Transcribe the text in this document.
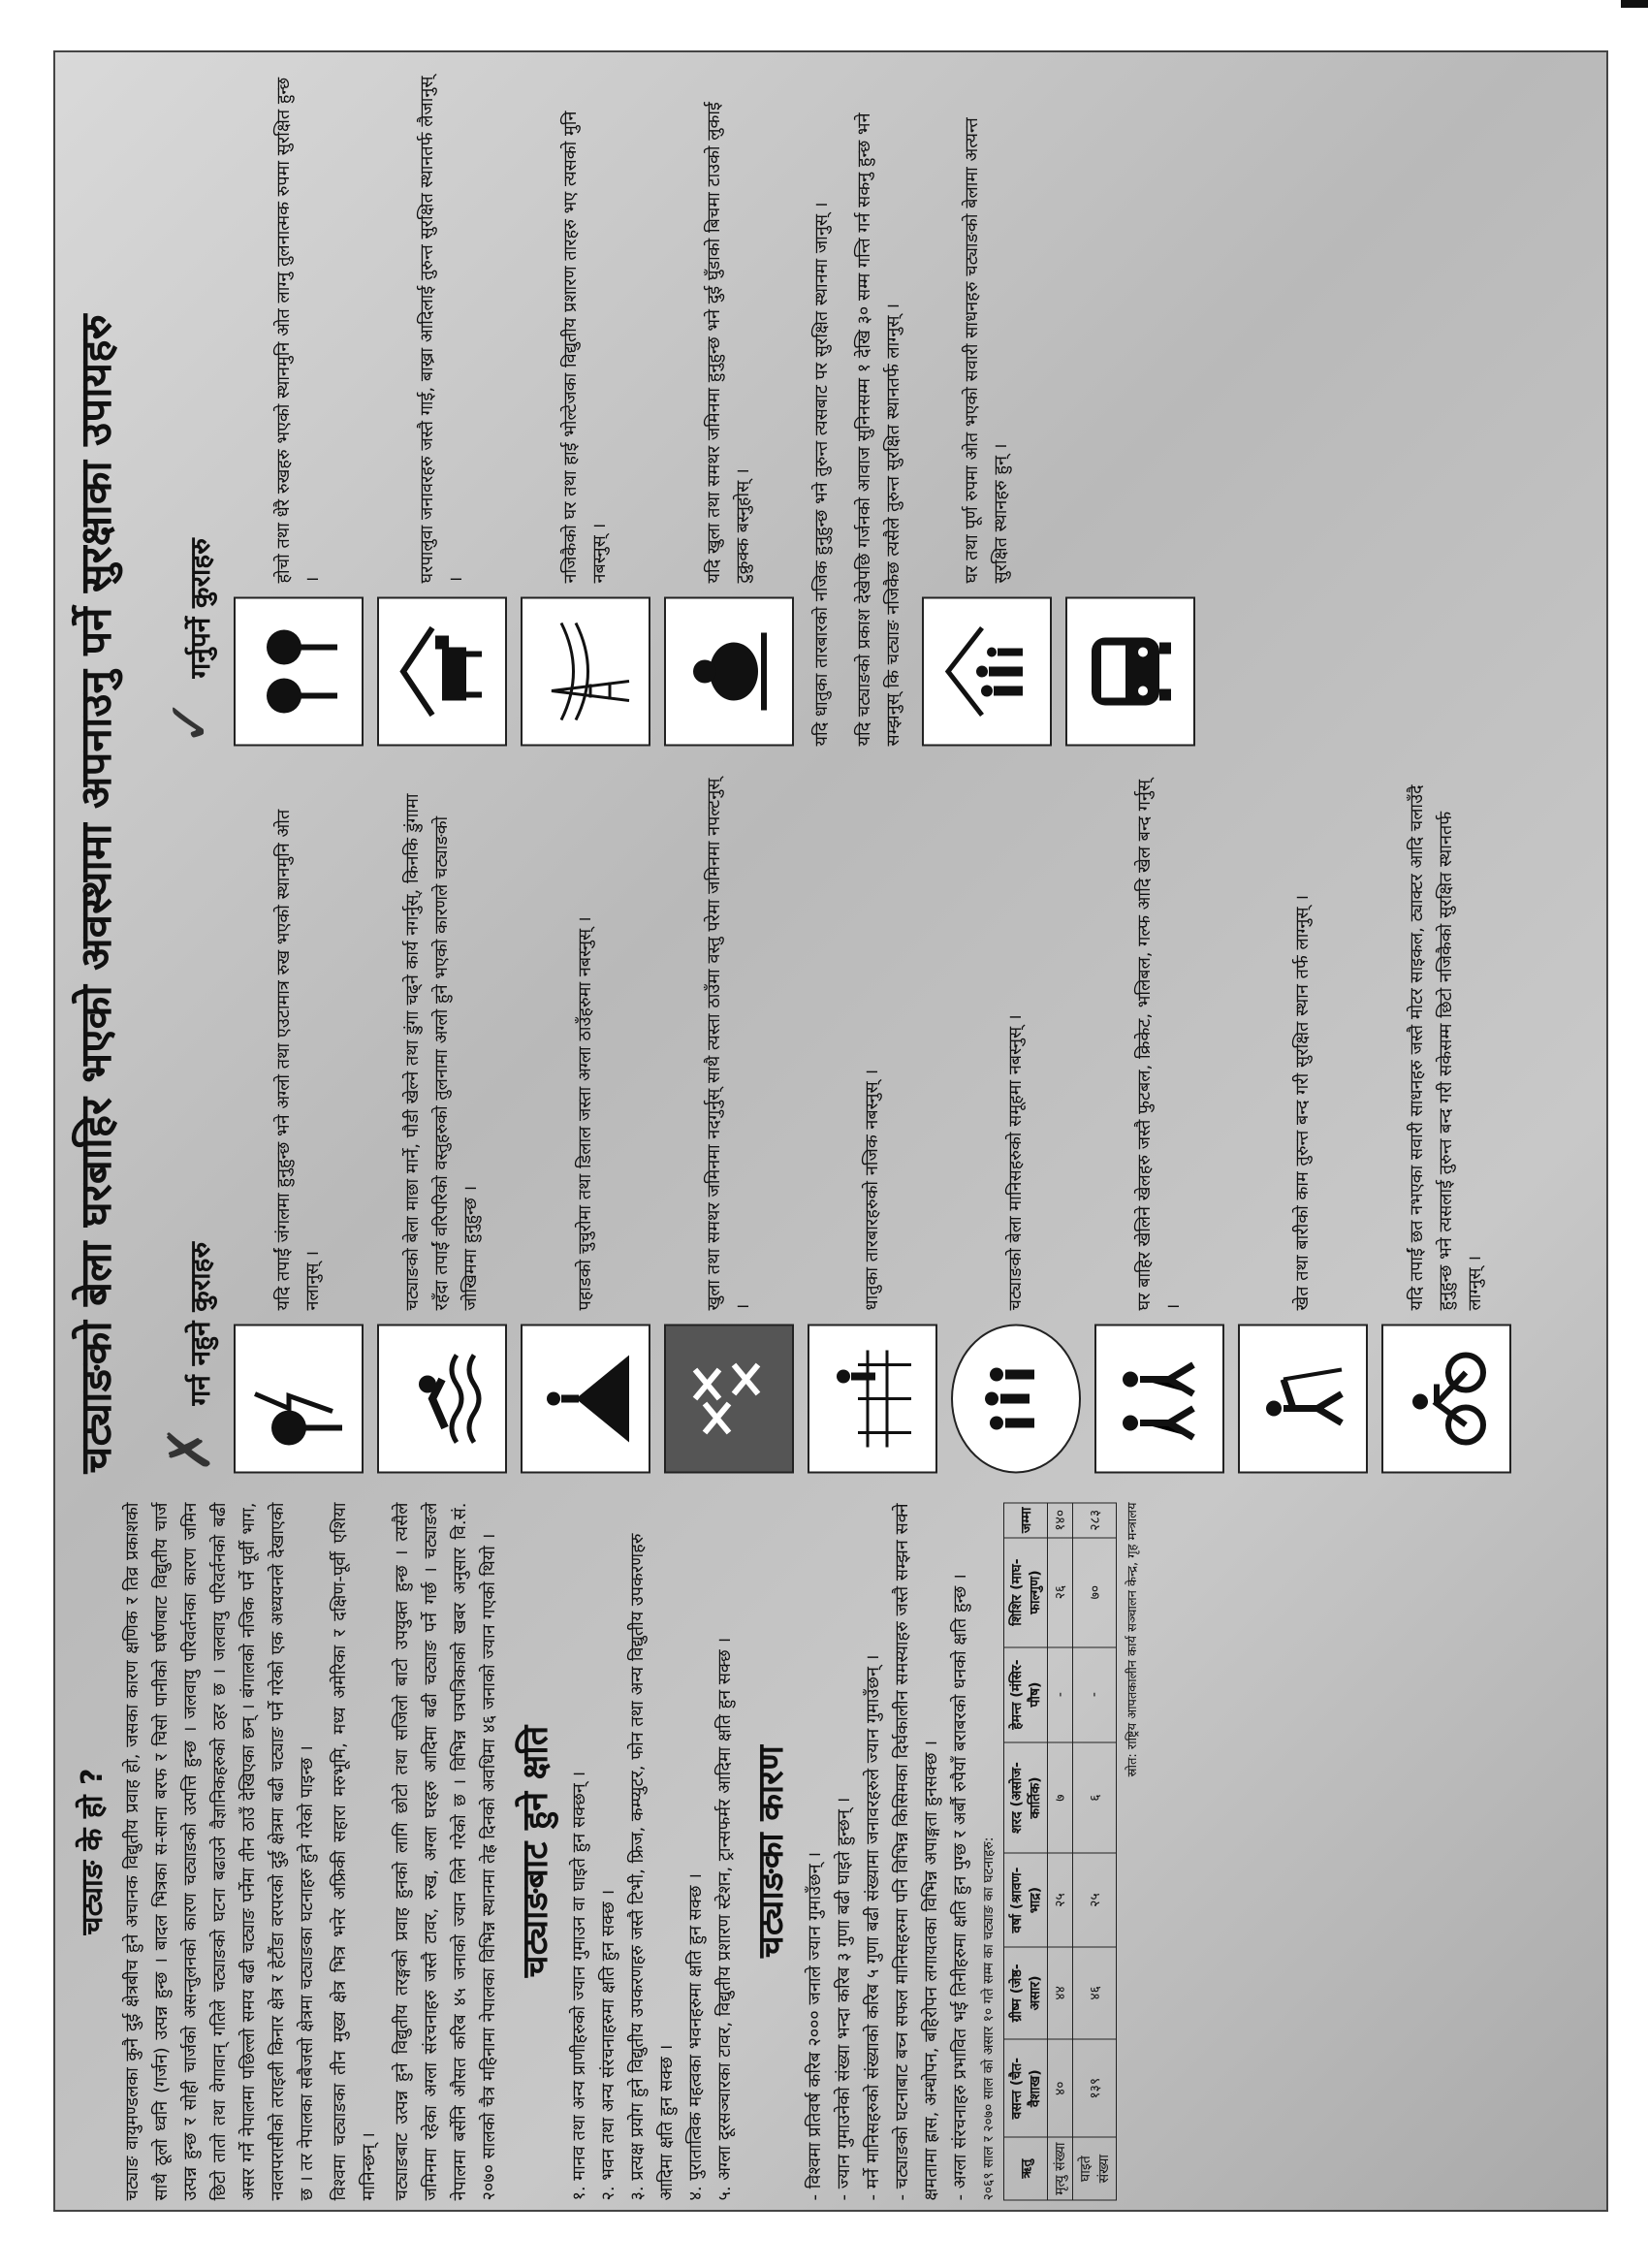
चट्याङको बेला घरबाहिर भएको अवस्थामा अपनाउनु पर्ने सुरक्षाका उपायहरु
चट्याङ के हो ? चट्याङ वायुमण्डलका कुनै दुई क्षेत्रबीच हुने अचानक विद्युतीय प्रवाह हो, जसका कारण क्षणिक र तिव्र प्रकाशको साथै ठूलो ध्वनि (गर्जन) उत्पन्न हुन्छ । बादल भित्रका स-साना बरफ र चिसो पानीको घर्षणबाट विद्युतीय चार्ज उत्पन्न हुन्छ र सोही चार्जको असन्तुलनको कारण चट्याङको उत्पत्ति हुन्छ । जलवायु परिवर्तनका कारण जमिन छिटो तातो तथा वेगावान् गतिले चट्याङको घटना बढाउने वैज्ञानिकहरुको ठहर छ । जलवायु परिवर्तनको बढी असर गर्ने नेपालमा पछिल्लो समय बढी चट्याङ पर्नेमा तीन ठाउँ देखिएका छन् । बंगालको नजिक पर्ने पूर्वी भाग, नवलपरासीको तराइली किनार क्षेत्र र हेटौंडा वरपरको दुई क्षेत्रमा बढी चट्याङ पर्ने गरेको एक अध्ययनले देखाएको छ । तर नेपालका सबैजसो क्षेत्रमा चट्याङका घटनाहरु हुने गरेको पाइन्छ । विश्वमा चट्याङका तीन मुख्य क्षेत्र भित्र भनेर अफ्रिकी सहारा मरुभूमि, मध्य अमेरिका र दक्षिण-पूर्वी एशिया मानिन्छन् । चट्याङबाट उत्पन्न हुने विद्युतीय तरङ्गको प्रवाह हुनको लागि छोटो तथा सजिलो बाटो उपयुक्त हुन्छ । त्यसैले जमिनमा रहेका अग्ला संरचनाहरु जस्तै टावर, रुख, अग्ला घरहरु आदिमा बढी चट्याङ पर्ने गर्छ । चट्याङले नेपालमा बर्सेनि औसत करिब ४५ जनाको ज्यान लिने गरेको छ । विभिन्न पत्रपत्रिकाको खबर अनुसार वि.सं. २०७० सालको चैत्र महिनामा नेपालका विभिन्न स्थानमा तेह्र दिनको अवधिमा ४६ जनाको ज्यान गएको थियो । चट्याङबाट हुने क्षति १. मानव तथा अन्य प्राणीहरुको ज्यान गुमाउन वा घाइते हुन सक्छन् । २. भवन तथा अन्य संरचनाहरुमा क्षति हुन सक्छ । ३. प्रत्यक्ष प्रयोग हुने विद्युतीय उपकरणहरु जस्तै टिभी, फ्रिज, कम्प्युटर, फोन तथा अन्य विद्युतीय उपकरणहरु आदिमा क्षति हुन सक्छ । ४. पुरातात्विक महत्वका भवनहरुमा क्षति हुन सक्छ । ५. अग्ला दूरसञ्चारका टावर, विद्युतीय प्रशारण स्टेशन, ट्रान्सफर्मर आदिमा क्षति हुन सक्छ । चट्याङका कारण
- विश्वमा प्रतिवर्ष करिब २००० जनाले ज्यान गुमाउँछन् । - ज्यान गुमाउनेको संख्या भन्दा करिब ३ गुणा बढी घाइते हुन्छन् । - मर्ने मानिसहरुको संख्याको करिब ५ गुणा बढी संख्यामा जनावरहरुले ज्यान गुमाउँछन् । - चट्याङको घटनाबाट बच्न सफल मानिसहरुमा पनि विभिन्न किसिमका दिर्घकालीन समस्याहरु जस्तै सम्झन सक्ने क्षमतामा ह्रास, अन्धोपन, बहिरोपन लगायतका विभिन्न अपाङ्गता हुनसक्छ । - अग्ला संरचनाहरु प्रभावित भई तिनीहरुमा क्षति हुन पुग्छ र अर्बौ रुपैयाँ बराबरको धनको क्षति हुन्छ । २०६९ साल र २०७० साल को असार १० गते सम्म का चट्याङ का घटनाहरु: ऋतु	वसन्त (चैत-वैशाख)	ग्रीष्म (जेष्ठ-असार)	वर्षा (श्रावण-भाद्र)	शरद (असोज-कार्तिक)	हेमन्त (मंसिर-पौष)	शिशिर (माघ-फाल्गुण)	जम्मा
मृत्यु संख्या	४०	४४	२५	७	-	२६	१४०
घाइते संख्या	१३९	४६	२५	६	-	७०	२८३ स्रोत: राष्ट्रिय आपतकालीन कार्य सञ्चालन केन्द्र, गृह मन्त्रालय
✗ गर्न नहुने कुराहरु
यदि तपाईं जंगलमा हुनुहुन्छ भने अग्लो तथा एउटामात्र रुख भएको स्थानमुनि ओत नलानुस् ।	चट्याङको बेला माछा मार्ने, पौडी खेल्ने तथा डुंगा चढ्ने कार्य नगर्नुस्, किनकि डुंगामा रहँदा तपाईं वरिपरिको वस्तुहरुको तुलनामा अग्लो हुने भएको कारणले चट्याङको जोखिममा हुनुहुन्छ ।	पहाडको चुचुरोमा तथा डिलाल जस्ता अग्ला ठाउँहरुमा नबस्नुस् ।	खुला तथा समथर जमिनमा नदगुर्नुस् साथै त्यस्ता ठाउँमा वस्तु परेमा जमिनमा नपल्टनुस् ।	धातुका तारबारहरुको नजिक नबस्नुस् ।	चट्याङको बेला मानिसहरुको समूहमा नबस्नुस् ।	घर बाहिर खेलिने खेलहरु जस्तै फुटबल, क्रिकेट, भलिबल, गल्फ आदि खेल बन्द गर्नुस् ।	खेत तथा बारीको काम तुरुन्त बन्द गरी सुरक्षित स्थान तर्फ लाग्नुस् ।	यदि तपाईं छत नभएका सवारी साधनहरु जस्तै मोटर साइकल, ट्याक्टर आदि चलाउँदै हुनुहुन्छ भने त्यसलाई तुरुन्त बन्द गरी सकेसम्म छिटो नजिकैको सुरक्षित स्थानतर्फ लाग्नुस् ।
✓ गर्नुपर्ने कुराहरु
होचो तथा धेरै रुखहरु भएको स्थानमुनि ओत लाग्नु तुलनात्मक रुपमा सुरक्षित हुन्छ ।	घरपालुवा जनावरहरु जस्तै गाई, बाख्रा आदिलाई तुरुन्त सुरक्षित स्थानतर्फ लैजानुस् ।	नजिकैको घर तथा हाई भोल्टेजका विद्युतीय प्रशारण तारहरु भए त्यसको मुनि नबस्नुस् ।	यदि खुला तथा समथर जमिनमा हुनुहुन्छ भने दुई घुँडाको बिचमा टाउको लुकाई टुक्रुक्क बस्नुहोस् ।	यदि धातुका तारबारको नजिक हुनुहुन्छ भने तुरुन्त त्यसबाट पर सुरक्षित स्थानमा जानुस् । यदि चट्याङको प्रकाश देखेपछि गर्जनको आवाज सुनिनसम्म १ देखि ३० सम्म गन्ति गर्न सकनु हुन्छ भने सम्झनुस् कि चट्याङ नजिकैछ त्यसैले तुरुन्त सुरक्षित स्थानतर्फ लाग्नुस् ।	घर तथा पूर्ण रुपमा ओत भएको सवारी साधनहरु चट्याङको बेलामा अत्यन्त सुरक्षित स्थानहरु हुन् ।
